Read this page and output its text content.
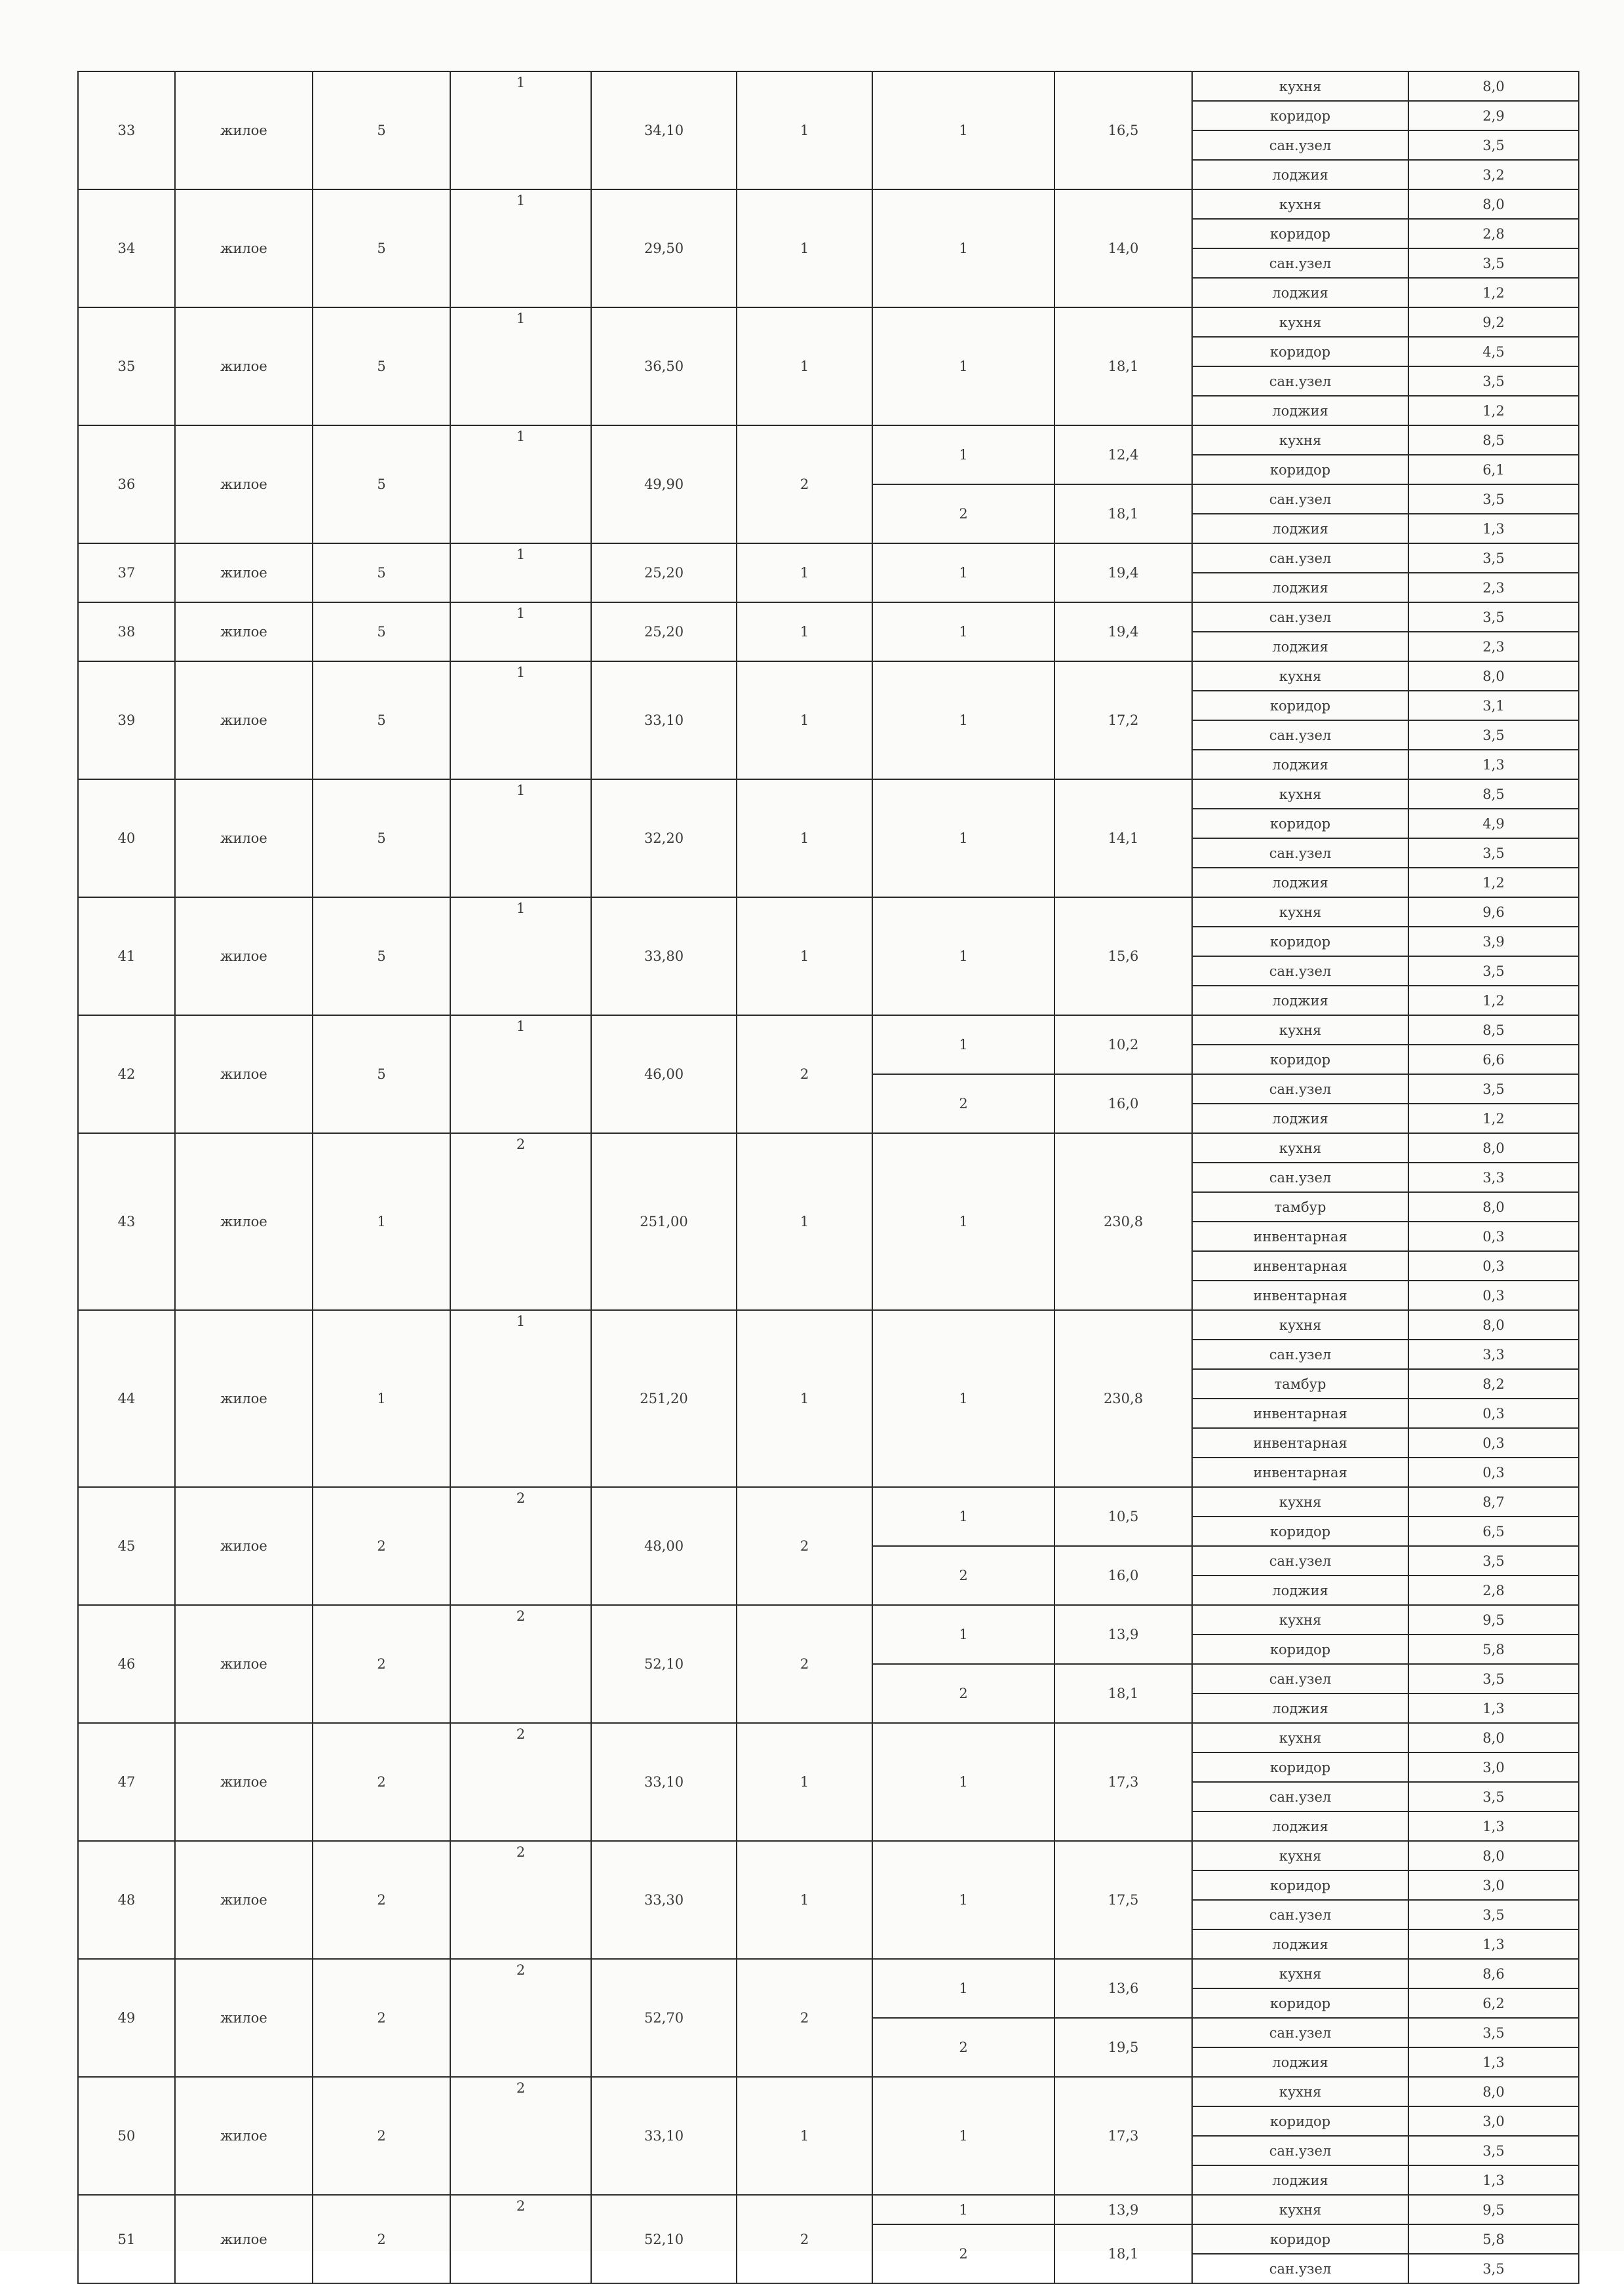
33	жилое	5	1	34,10	1	1	16,5	кухня	8,0
								коридор	2,9
								сан.узел	3,5
								лоджия	3,2
34	жилое	5	1	29,50	1	1	14,0	кухня	8,0
								коридор	2,8
								сан.узел	3,5
								лоджия	1,2
35	жилое	5	1	36,50	1	1	18,1	кухня	9,2
								коридор	4,5
								сан.узел	3,5
								лоджия	1,2
36	жилое	5	1	49,90	2	1	12,4	кухня	8,5
								коридор	6,1
						2	18,1	сан.узел	3,5
								лоджия	1,3
37	жилое	5	1	25,20	1	1	19,4	сан.узел	3,5
								лоджия	2,3
38	жилое	5	1	25,20	1	1	19,4	сан.узел	3,5
								лоджия	2,3
39	жилое	5	1	33,10	1	1	17,2	кухня	8,0
								коридор	3,1
								сан.узел	3,5
								лоджия	1,3
40	жилое	5	1	32,20	1	1	14,1	кухня	8,5
								коридор	4,9
								сан.узел	3,5
								лоджия	1,2
41	жилое	5	1	33,80	1	1	15,6	кухня	9,6
								коридор	3,9
								сан.узел	3,5
								лоджия	1,2
42	жилое	5	1	46,00	2	1	10,2	кухня	8,5
								коридор	6,6
						2	16,0	сан.узел	3,5
								лоджия	1,2
43	жилое	1	2	251,00	1	1	230,8	кухня	8,0
								сан.узел	3,3
								тамбур	8,0
								инвентарная	0,3
								инвентарная	0,3
								инвентарная	0,3
44	жилое	1	1	251,20	1	1	230,8	кухня	8,0
								сан.узел	3,3
								тамбур	8,2
								инвентарная	0,3
								инвентарная	0,3
								инвентарная	0,3
45	жилое	2	2	48,00	2	1	10,5	кухня	8,7
								коридор	6,5
						2	16,0	сан.узел	3,5
								лоджия	2,8
46	жилое	2	2	52,10	2	1	13,9	кухня	9,5
								коридор	5,8
						2	18,1	сан.узел	3,5
								лоджия	1,3
47	жилое	2	2	33,10	1	1	17,3	кухня	8,0
								коридор	3,0
								сан.узел	3,5
								лоджия	1,3
48	жилое	2	2	33,30	1	1	17,5	кухня	8,0
								коридор	3,0
								сан.узел	3,5
								лоджия	1,3
49	жилое	2	2	52,70	2	1	13,6	кухня	8,6
								коридор	6,2
						2	19,5	сан.узел	3,5
								лоджия	1,3
50	жилое	2	2	33,10	1	1	17,3	кухня	8,0
								коридор	3,0
								сан.узел	3,5
								лоджия	1,3
51	жилое	2	2	52,10	2	1	13,9	кухня	9,5
						2	18,1	коридор	5,8
								сан.узел	3,5
